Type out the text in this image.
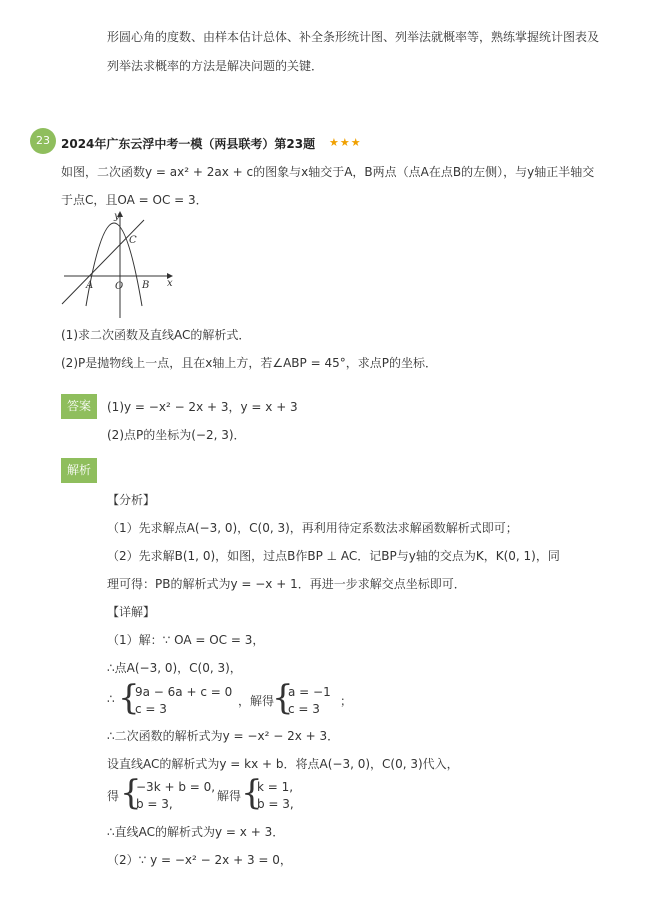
形圆心角的度数、由样本估计总体、补全条形统计图、列举法就概率等，熟练掌握统计图表及
列举法求概率的方法是解决问题的关键．
23 2024年广东云浮中考一模（两县联考）第23题 ★★★
如图，二次函数y = ax² + 2ax + c的图象与x轴交于A，B两点（点A在点B的左侧），与y轴正半轴交
于点C，且OA = OC = 3．
y
x
A O B
C
(1)求二次函数及直线AC的解析式．
(2)P是抛物线上一点，且在x轴上方，若∠ABP = 45°，求点P的坐标．
答案	(1)y = −x² − 2x + 3，y = x + 3
(2)点P的坐标为(−2, 3)．
解析
【分析】
（1）先求解点A(−3, 0)，C(0, 3)，再利用待定系数法求解函数解析式即可；
（2）先求解B(1, 0)，如图，过点B作BP ⊥ AC．记BP与y轴的交点为K，K(0, 1)，同
理可得：PB的解析式为y = −x + 1．再进一步求解交点坐标即可．
【详解】
（1）解：∵ OA = OC = 3，
∴点A(−3, 0)，C(0, 3)，
∴ {
9a − 6a + c = 0
c = 3
，解得
{
a = −1
c = 3
；
∴二次函数的解析式为y = −x² − 2x + 3．
设直线AC的解析式为y = kx + b．将点A(−3, 0)，C(0, 3)代入，
得 {
−3k + b = 0,
b = 3,
解得 {
k = 1,
b = 3,
∴直线AC的解析式为y = x + 3．
（2）∵ y = −x² − 2x + 3 = 0，
